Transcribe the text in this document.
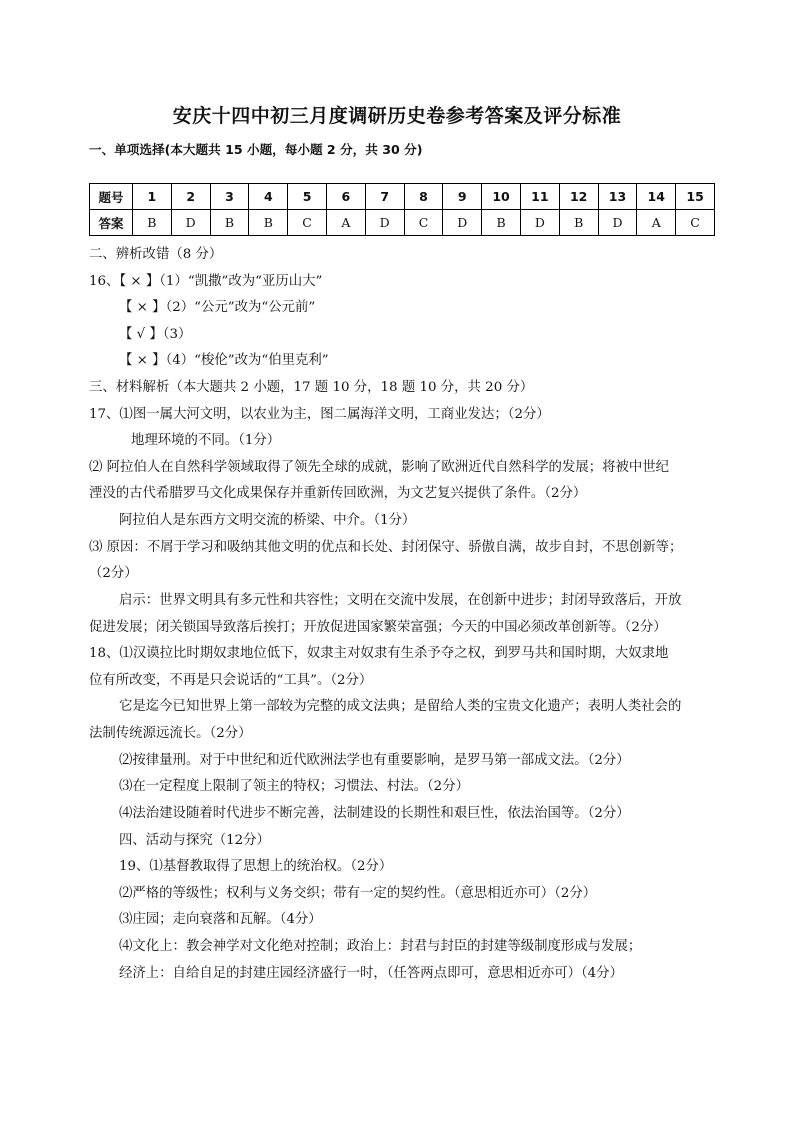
安庆十四中初三月度调研历史卷参考答案及评分标准
一、单项选择(本大题共 15 小题，每小题 2 分，共 30 分)
题号	1	2	3	4	5	6	7	8	9	10	11	12	13	14	15
答案	B	D	B	B	C	A	D	C	D	B	D	B	D	A	C
二、辨析改错（8 分）
16、【 × 】（1）“凯撒”改为“亚历山大”
【 × 】（2）“公元”改为“公元前”
【 √ 】（3）
【 × 】（4）“梭伦”改为“伯里克利”
三、材料解析（本大题共 2 小题，17 题 10 分，18 题 10 分，共 20 分）
17、⑴图一属大河文明，以农业为主，图二属海洋文明，工商业发达；（2分）
地理环境的不同。（1分）
⑵ 阿拉伯人在自然科学领域取得了领先全球的成就，影响了欧洲近代自然科学的发展；将被中世纪
湮没的古代希腊罗马文化成果保存并重新传回欧洲，为文艺复兴提供了条件。（2分）
阿拉伯人是东西方文明交流的桥梁、中介。（1分）
⑶ 原因：不屑于学习和吸纳其他文明的优点和长处、封闭保守、骄傲自满，故步自封，不思创新等；
（2分）
启示：世界文明具有多元性和共容性；文明在交流中发展，在创新中进步；封闭导致落后，开放
促进发展；闭关锁国导致落后挨打；开放促进国家繁荣富强；今天的中国必须改革创新等。（2分）
18、⑴汉谟拉比时期奴隶地位低下，奴隶主对奴隶有生杀予夺之权，到罗马共和国时期，大奴隶地
位有所改变，不再是只会说话的“工具”。（2分）
它是迄今已知世界上第一部较为完整的成文法典；是留给人类的宝贵文化遗产；表明人类社会的
法制传统源远流长。（2分）
⑵按律量刑。对于中世纪和近代欧洲法学也有重要影响，是罗马第一部成文法。（2分）
⑶在一定程度上限制了领主的特权；习惯法、村法。（2分）
⑷法治建设随着时代进步不断完善，法制建设的长期性和艰巨性，依法治国等。（2分）
四、活动与探究（12分）
19、⑴基督教取得了思想上的统治权。（2分）
⑵严格的等级性；权利与义务交织；带有一定的契约性。（意思相近亦可）（2分）
⑶庄园；走向衰落和瓦解。（4分）
⑷文化上：教会神学对文化绝对控制；政治上：封君与封臣的封建等级制度形成与发展；
经济上：自给自足的封建庄园经济盛行一时，（任答两点即可，意思相近亦可）（4分）
